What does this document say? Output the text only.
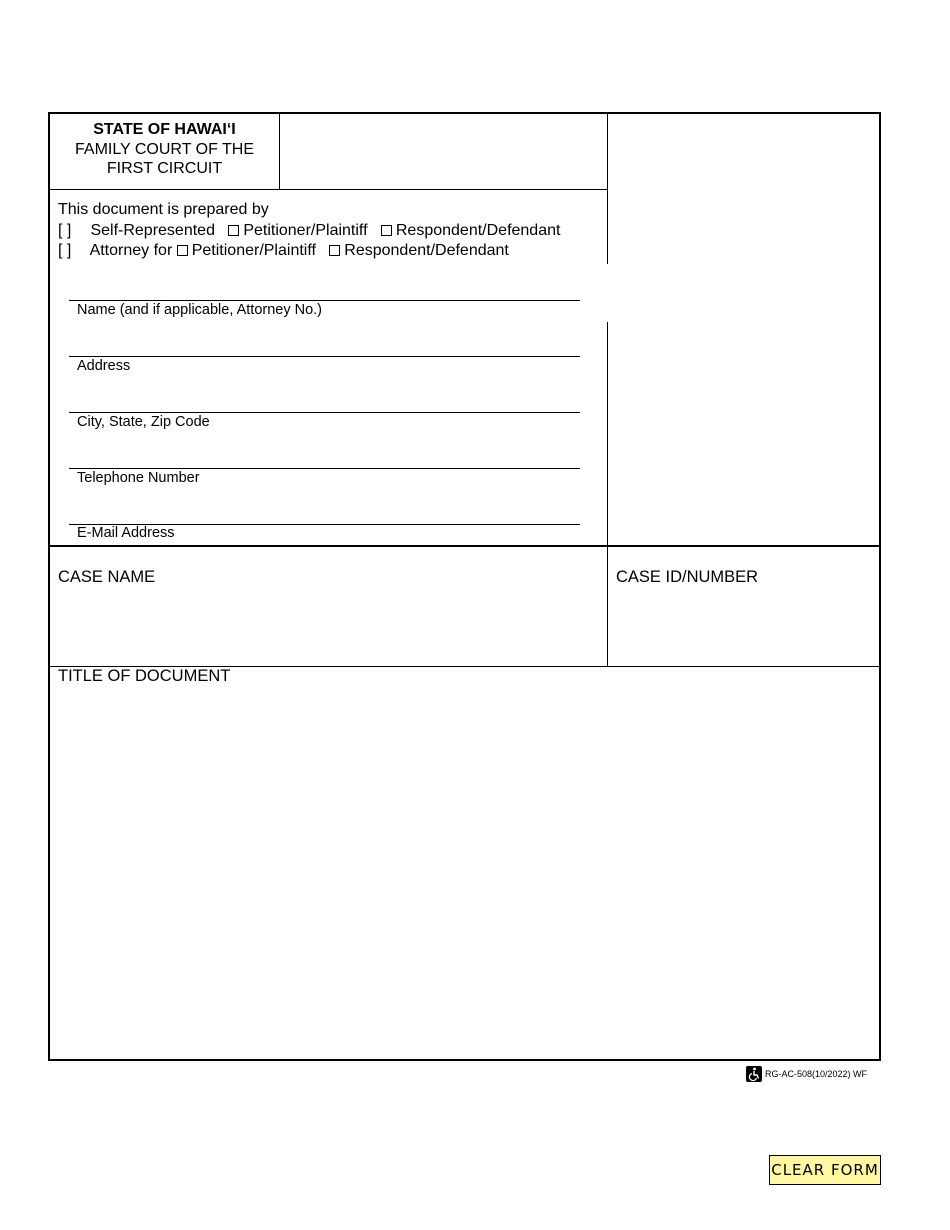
STATE OF HAWAI‘I
FAMILY COURT OF THE
FIRST CIRCUIT
This document is prepared by
[ ] Self-Represented Petitioner/Plaintiff Respondent/Defendant
[ ] Attorney for Petitioner/Plaintiff Respondent/Defendant
Name (and if applicable, Attorney No.)
Address
City, State, Zip Code
Telephone Number
E-Mail Address
CASE NAME	CASE ID/NUMBER
TITLE OF DOCUMENT
RG-AC-508(10/2022) WF
CLEAR FORM
